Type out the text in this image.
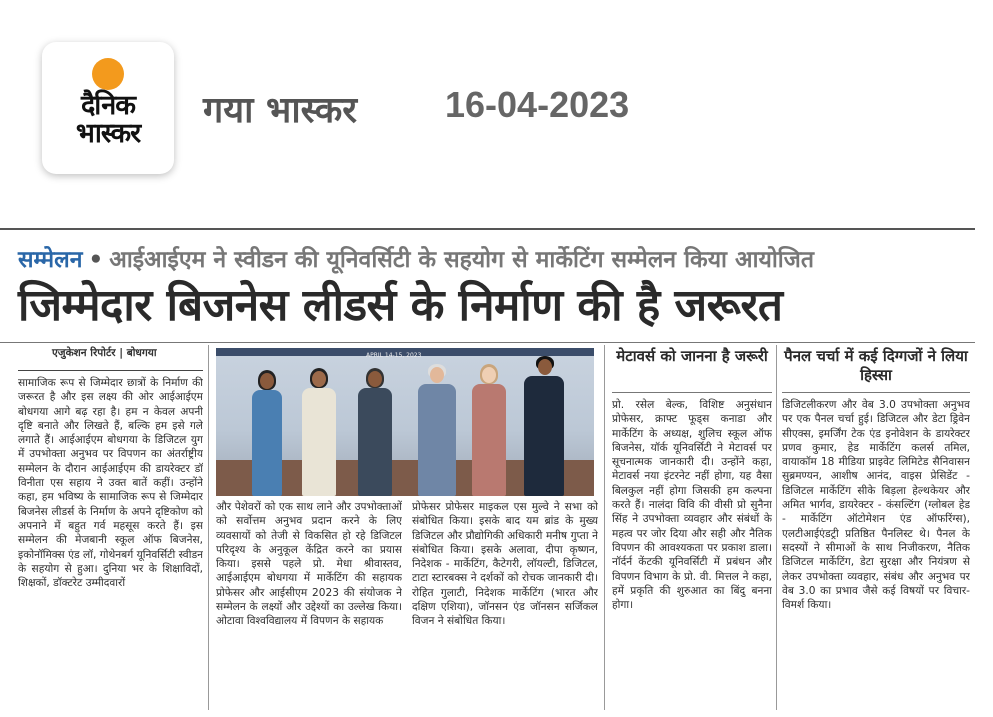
दैनिक
भास्कर
गया भास्कर 16-04-2023
सम्मेलन • आईआईएम ने स्वीडन की यूनिवर्सिटी के सहयोग से मार्केटिंग सम्मेलन किया आयोजित
जिम्मेदार बिजनेस लीडर्स के निर्माण की है जरूरत
एजुकेशन रिपोर्टर | बोधगया

सामाजिक रूप से जिम्मेदार छात्रों के निर्माण की जरूरत है और इस लक्ष्य की ओर आईआईएम बोधगया आगे बढ़ रहा है। हम न केवल अपनी दृष्टि बनाते और लिखते हैं, बल्कि हम इसे गले लगाते हैं। आईआईएम बोधगया के डिजिटल युग में उपभोक्ता अनुभव पर विपणन का अंतर्राष्ट्रीय सम्मेलन के दौरान आईआईएम की डायरेक्टर डॉ विनीता एस सहाय ने उक्त बातें कहीं। उन्होंने कहा, हम भविष्य के सामाजिक रूप से जिम्मेदार बिजनेस लीडर्स के निर्माण के अपने दृष्टिकोण को अपनाने में बहुत गर्व महसूस करते हैं। इस सम्मेलन की मेजबानी स्कूल ऑफ बिजनेस, इकोनॉमिक्स एंड लॉ, गोथेनबर्ग यूनिवर्सिटी स्वीडन के सहयोग से हुआ। दुनिया भर के शिक्षाविदों, शिक्षकों, डॉक्टरेट उम्मीदवारों

APRIL 14-15, 2023

और पेशेवरों को एक साथ लाने और उपभोक्ताओं को सर्वोत्तम अनुभव प्रदान करने के लिए व्यवसायों को तेजी से विकसित हो रहे डिजिटल परिदृश्य के अनुकूल केंद्रित करने का प्रयास किया। इससे पहले प्रो. मेधा श्रीवास्तव, आईआईएम बोधगया में मार्केटिंग की सहायक प्रोफेसर और आईसीएम 2023 की संयोजक ने सम्मेलन के लक्ष्यों और उद्देश्यों का उल्लेख किया। ओटावा विश्वविद्यालय में विपणन के सहायक

प्रोफेसर प्रोफेसर माइकल एस मुल्वे ने सभा को संबोधित किया। इसके बाद यम ब्रांड के मुख्य डिजिटल और प्रौद्योगिकी अधिकारी मनीष गुप्ता ने संबोधित किया। इसके अलावा, दीपा कृष्णन, निदेशक - मार्केटिंग, कैटेगरी, लॉयल्टी, डिजिटल, टाटा स्टारबक्स ने दर्शकों को रोचक जानकारी दी। रोहित गुलाटी, निदेशक मार्केटिंग (भारत और दक्षिण एशिया), जॉनसन एंड जॉनसन सर्जिकल विजन ने संबोधित किया।

मेटावर्स को जानना है जरूरी

प्रो. रसेल बेल्क, विशिष्ट अनुसंधान प्रोफेसर, क्राफ्ट फूड्स कनाडा और मार्केटिंग के अध्यक्ष, शुलिच स्कूल ऑफ बिजनेस, यॉर्क यूनिवर्सिटी ने मेटावर्स पर सूचनात्मक जानकारी दी। उन्होंने कहा, मेटावर्स नया इंटरनेट नहीं होगा, यह वैसा बिलकुल नहीं होगा जिसकी हम कल्पना करते हैं। नालंदा विवि की वीसी प्रो सुनैना सिंह ने उपभोक्ता व्यवहार और संबंधों के महत्व पर जोर दिया और सही और नैतिक विपणन की आवश्यकता पर प्रकाश डाला। नॉर्दर्न केंटकी यूनिवर्सिटी में प्रबंधन और विपणन विभाग के प्रो. वी. मित्तल ने कहा, हमें प्रकृति की शुरुआत का बिंदु बनना होगा।

पैनल चर्चा में कई दिग्गजों ने लिया हिस्सा

डिजिटलीकरण और वेब 3.0 उपभोक्ता अनुभव पर एक पैनल चर्चा हुई। डिजिटल और डेटा ड्रिवेन सीएक्स, इमर्जिंग टेक एंड इनोवेशन के डायरेक्टर प्रणव कुमार, हेड मार्केटिंग कलर्स तमिल, वायाकॉम 18 मीडिया प्राइवेट लिमिटेड सैनिवासन सुब्रमण्यन, आशीष आनंद, वाइस प्रेसिडेंट - डिजिटल मार्केटिंग सीके बिड़ला हेल्थकेयर और अमित भार्गव, डायरेक्टर - कंसल्टिंग (ग्लोबल हेड - मार्केटिंग ऑटोमेशन एंड ऑफरिंग्स), एलटीआईएंडट्री प्रतिष्ठित पैनलिस्ट थे। पैनल के सदस्यों ने सीमाओं के साथ निजीकरण, नैतिक डिजिटल मार्केटिंग, डेटा सुरक्षा और नियंत्रण से लेकर उपभोक्ता व्यवहार, संबंध और अनुभव पर वेब 3.0 का प्रभाव जैसे कई विषयों पर विचार-विमर्श किया।
